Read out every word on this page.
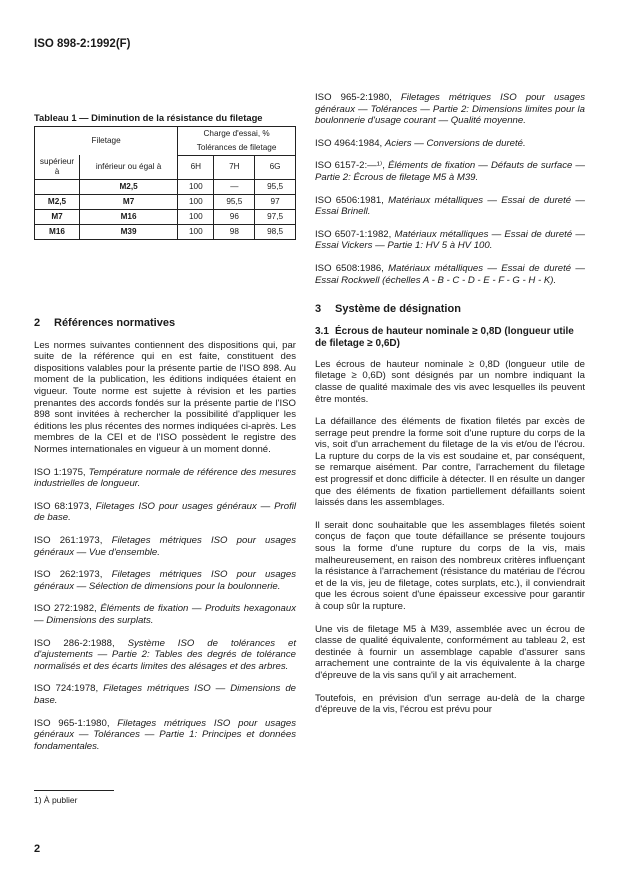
ISO 898-2:1992(F)
Tableau 1 — Diminution de la résistance du filetage
Filetage		Charge d'essai, %		
		Tolérances de filetage		
supérieur à	inférieur ou égal à	6H	7H	6G
	M2,5	100	—	95,5
M2,5	M7	100	95,5	97
M7	M16	100	96	97,5
M16	M39	100	98	98,5
2 Références normatives

Les normes suivantes contiennent des dispositions qui, par suite de la référence qui en est faite, constituent des dispositions valables pour la présente partie de l'ISO 898. Au moment de la publication, les éditions indiquées étaient en vigueur. Toute norme est sujette à révision et les parties prenantes des accords fondés sur la présente partie de l'ISO 898 sont invitées à rechercher la possibilité d'appliquer les éditions les plus récentes des normes indiquées ci-après. Les membres de la CEI et de l'ISO possèdent le registre des Normes internationales en vigueur à un moment donné.

ISO 1:1975, Température normale de référence des mesures industrielles de longueur.

ISO 68:1973, Filetages ISO pour usages généraux — Profil de base.

ISO 261:1973, Filetages métriques ISO pour usages généraux — Vue d'ensemble.

ISO 262:1973, Filetages métriques ISO pour usages généraux — Sélection de dimensions pour la boulonnerie.

ISO 272:1982, Éléments de fixation — Produits hexagonaux — Dimensions des surplats.

ISO 286-2:1988, Système ISO de tolérances et d'ajustements — Partie 2: Tables des degrés de tolérance normalisés et des écarts limites des alésages et des arbres.

ISO 724:1978, Filetages métriques ISO — Dimensions de base.

ISO 965-1:1980, Filetages métriques ISO pour usages généraux — Tolérances — Partie 1: Principes et données fondamentales.

ISO 965-2:1980, Filetages métriques ISO pour usages généraux — Tolérances — Partie 2: Dimensions limites pour la boulonnerie d'usage courant — Qualité moyenne.

ISO 4964:1984, Aciers — Conversions de dureté.

ISO 6157-2:—¹⁾, Éléments de fixation — Défauts de surface — Partie 2: Écrous de filetage M5 à M39.

ISO 6506:1981, Matériaux métalliques — Essai de dureté — Essai Brinell.

ISO 6507-1:1982, Matériaux métalliques — Essai de dureté — Essai Vickers — Partie 1: HV 5 à HV 100.

ISO 6508:1986, Matériaux métalliques — Essai de dureté — Essai Rockwell (échelles A - B - C - D - E - F - G - H - K).

3 Système de désignation
3.1 Écrous de hauteur nominale ≥ 0,8D (longueur utile de filetage ≥ 0,6D)

Les écrous de hauteur nominale ≥ 0,8D (longueur utile de filetage ≥ 0,6D) sont désignés par un nombre indiquant la classe de qualité maximale des vis avec lesquelles ils peuvent être montés.

La défaillance des éléments de fixation filetés par excès de serrage peut prendre la forme soit d'une rupture du corps de la vis, soit d'un arrachement du filetage de la vis et/ou de l'écrou. La rupture du corps de la vis est soudaine et, par conséquent, se remarque aisément. Par contre, l'arrachement du filetage est progressif et donc difficile à détecter. Il en résulte un danger que des éléments de fixation partiellement défaillants soient laissés dans les assemblages.

Il serait donc souhaitable que les assemblages filetés soient conçus de façon que toute défaillance se présente toujours sous la forme d'une rupture du corps de la vis, mais malheureusement, en raison des nombreux critères influençant la résistance à l'arrachement (résistance du matériau de l'écrou et de la vis, jeu de filetage, cotes surplats, etc.), il conviendrait que les écrous soient d'une épaisseur excessive pour garantir à coup sûr la rupture.

Une vis de filetage M5 à M39, assemblée avec un écrou de classe de qualité équivalente, conformément au tableau 2, est destinée à fournir un assemblage capable d'assurer sans arrachement une contrainte de la vis équivalente à la charge d'épreuve de la vis sans qu'il y ait arrachement.

Toutefois, en prévision d'un serrage au-delà de la charge d'épreuve de la vis, l'écrou est prévu pour

1) À publier
2
